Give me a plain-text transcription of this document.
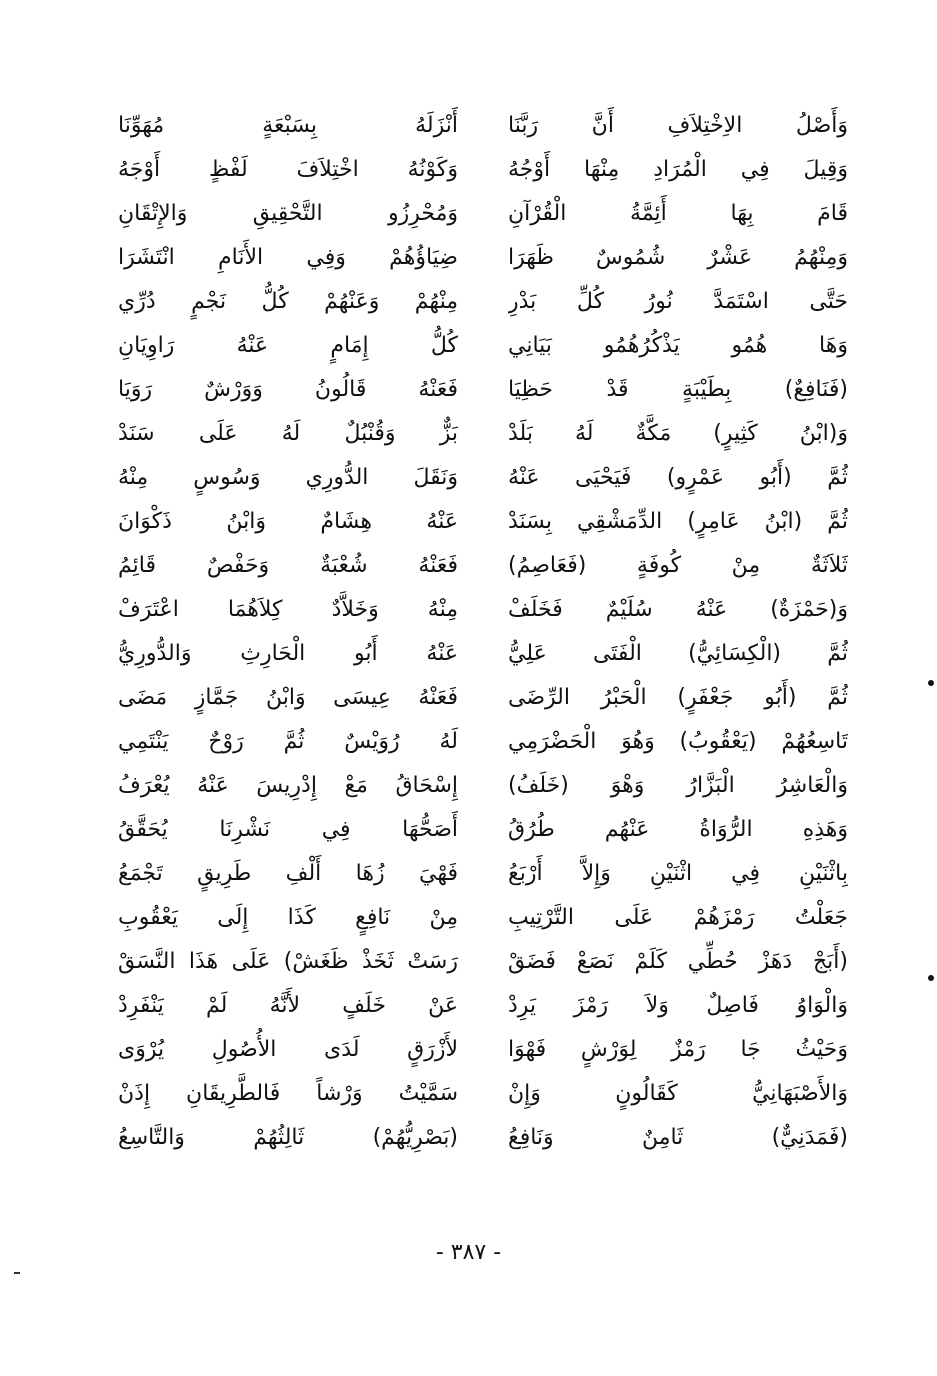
وَأَصْلُ الاِخْتِلاَفِ أَنَّ رَبَّنَا
أَنْزَلَهُ بِسَبْعَةٍ مُهَوِّنَا
وَقِيلَ فِي الْمُرَادِ مِنْهَا أَوْجُهُ
وَكَوْنُهُ اخْتِلاَفَ لَفْظٍ أَوْجَهُ
قَامَ بِهَا أَئِمَّةُ الْقُرْآنِ
وَمُحْرِزُو التَّحْقِيقِ وَالإِتْقَانِ
وَمِنْهُمُ عَشْرٌ شُمُوسٌ ظَهَرَا
ضِيَاؤُهُمْ وَفِي الأَنَامِ انْتَشَرَا
حَتَّى اسْتَمَدَّ نُورُ كُلِّ بَدْرِ
مِنْهُمْ وَعَنْهُمْ كُلُّ نَجْمٍ دُرِّي
وَهَا هُمُو يَذْكُرُهُمُو بَيَانِي
كُلُّ إِمَامٍ عَنْهُ رَاوِيَانِ
(فَنَافِعٌ) بِطَيْبَةٍ قَدْ حَظِيَا
فَعَنْهُ قَالُونُ وَوَرْشٌ رَوَيَا
وَ(ابْنُ كَثِيرٍ) مَكَّةٌ لَهُ بَلَدْ
بَزٌّ وَقُنْبُلٌ لَهُ عَلَى سَنَدْ
ثُمَّ (أَبُو عَمْرٍو) فَيَحْيَى عَنْهُ
وَنَقَلَ الدُّورِي وَسُوسٍ مِنْهُ
ثُمَّ (ابْنُ عَامِرٍ) الدِّمَشْقِي بِسَنَدْ
عَنْهُ هِشَامٌ وَابْنُ ذَكْوَانَ
ثَلاَثَةٌ مِنْ كُوفَةٍ (فَعَاصِمُ)
فَعَنْهُ شُعْبَةٌ وَحَفْصٌ قَائِمُ
وَ(حَمْزَةٌ) عَنْهُ سُلَيْمٌ فَخَلَفْ
مِنْهُ وَخَلاَّدٌ كِلاَهُمَا اعْتَرَفْ
ثُمَّ (الْكِسَائِيُّ) الْفَتَى عَلِيُّ
عَنْهُ أَبُو الْحَارِثِ وَالدُّورِيُّ
ثُمَّ (أَبُو جَعْفَرٍ) الْحَبْرُ الرِّضَى
فَعَنْهُ عِيسَى وَابْنُ جَمَّازٍ مَضَى
تَاسِعُهُمْ (يَعْقُوبُ) وَهُوَ الْحَضْرَمِي
لَهُ رُوَيْسٌ ثُمَّ رَوْحٌ يَنْتَمِي
وَالْعَاشِرُ الْبَزَّارُ وَهْوَ (خَلَفُ)
إِسْحَاقُ مَعْ إِدْرِيسَ عَنْهُ يُعْرَفُ
وَهَذِهِ الرُّوَاةُ عَنْهُم طُرُقُ
أَصَحُّهَا فِي نَشْرِنَا يُحَقَّقُ
بِاثْنَيْنِ فِي اثْنَيْنِ وَإِلاَّ أَرْبَعُ
فَهْيَ زُهَا أَلْفِ طَرِيقٍ تَجْمَعُ
جَعَلْتُ رَمْزَهُمْ عَلَى التَّرْتِيبِ
مِنْ نَافِعٍ كَذَا إِلَى يَعْقُوبِ
(أَبَجْ دَهَزْ حُطِّي كَلَمْ نَصَعْ فَضَقْ
رَسَتْ ثَخَذْ ظَغَشْ) عَلَى هَذَا النَّسَقْ
وَالْوَاوُ فَاصِلٌ وَلاَ رَمْزَ يَرِدْ
عَنْ خَلَفٍ لأَنَّهُ لَمْ يَنْفَرِدْ
وَحَيْثُ جَا رَمْزٌ لِوَرْشٍ فَهْوَا
لأَزْرَقٍ لَدَى الأُصُولِ يُرْوَى
وَالأَصْبَهَانِيُّ كَقَالُونٍ وَإِنْ
سَمَّيْتُ وَرْشاً فَالطَّرِيقَانِ إِذَنْ
(فَمَدَنِيٌّ) ثَامِنٌ وَنَافِعُ
(بَصْرِيُّهُمْ) ثَالِثُهُمْ وَالتَّاسِعُ
- ٣٨٧ -
